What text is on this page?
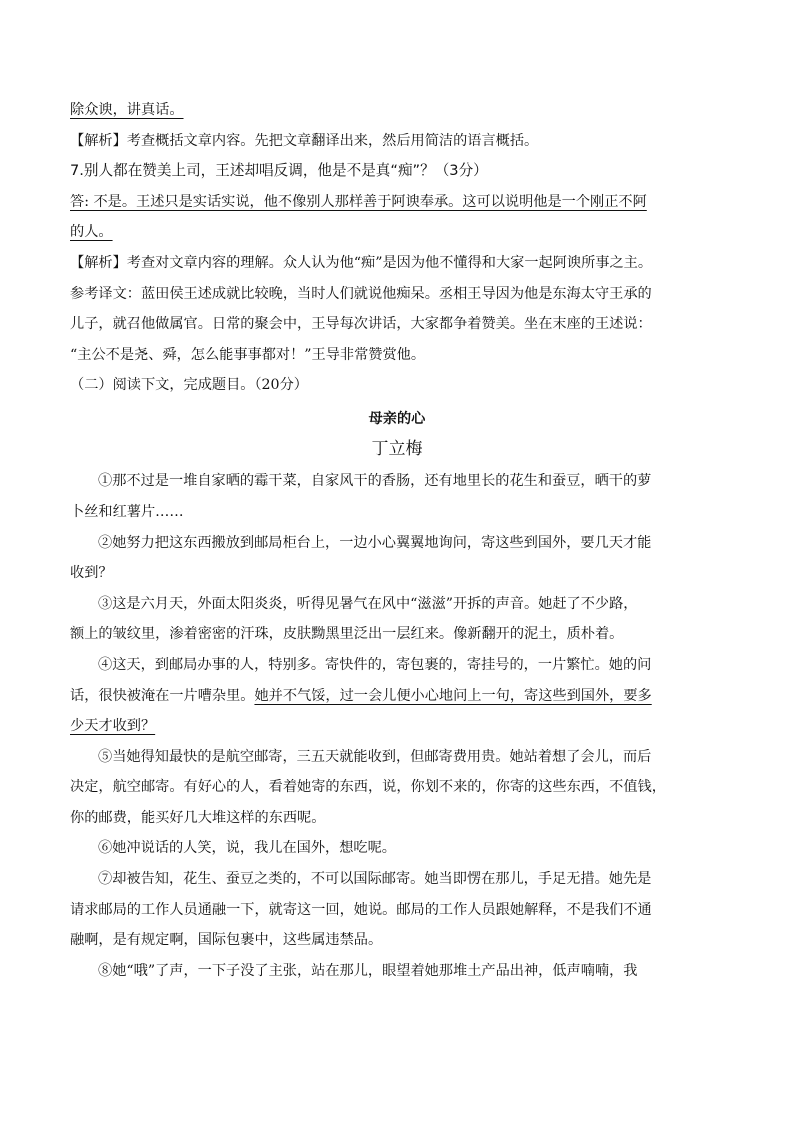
除众谀，讲真话。
【解析】考查概括文章内容。先把文章翻译出来，然后用简洁的语言概括。
7.别人都在赞美上司，王述却唱反调，他是不是真“痴”？（3分）
答: 不是。王述只是实话实说，他不像别人那样善于阿谀奉承。这可以说明他是一个刚正不阿
的人。
【解析】考查对文章内容的理解。众人认为他“痴”是因为他不懂得和大家一起阿谀所事之主。
参考译文：蓝田侯王述成就比较晚，当时人们就说他痴呆。丞相王导因为他是东海太守王承的
儿子，就召他做属官。日常的聚会中，王导每次讲话，大家都争着赞美。坐在末座的王述说：
“主公不是尧、舜，怎么能事事都对！”王导非常赞赏他。
（二）阅读下文，完成题目。（20分）
母亲的心
丁立梅
①那不过是一堆自家晒的霉干菜，自家风干的香肠，还有地里长的花生和蚕豆，晒干的萝
卜丝和红薯片……
②她努力把这东西搬放到邮局柜台上，一边小心翼翼地询问，寄这些到国外，要几天才能
收到？
③这是六月天，外面太阳炎炎，听得见暑气在风中“滋滋”开拆的声音。她赶了不少路，
额上的皱纹里，渗着密密的汗珠，皮肤黝黑里泛出一层红来。像新翻开的泥土，质朴着。
④这天，到邮局办事的人，特别多。寄快件的，寄包裹的，寄挂号的，一片繁忙。她的问
话，很快被淹在一片嘈杂里。她并不气馁，过一会儿便小心地问上一句，寄这些到国外，要多
少天才收到？
⑤当她得知最快的是航空邮寄，三五天就能收到，但邮寄费用贵。她站着想了会儿，而后
决定，航空邮寄。有好心的人，看着她寄的东西，说，你划不来的，你寄的这些东西，不值钱，
你的邮费，能买好几大堆这样的东西呢。
⑥她冲说话的人笑，说，我儿在国外，想吃呢。
⑦却被告知，花生、蚕豆之类的，不可以国际邮寄。她当即愣在那儿，手足无措。她先是
请求邮局的工作人员通融一下，就寄这一回，她说。邮局的工作人员跟她解释，不是我们不通
融啊，是有规定啊，国际包裹中，这些属违禁品。
⑧她“哦”了声，一下子没了主张，站在那儿，眼望着她那堆土产品出神，低声喃喃，我
